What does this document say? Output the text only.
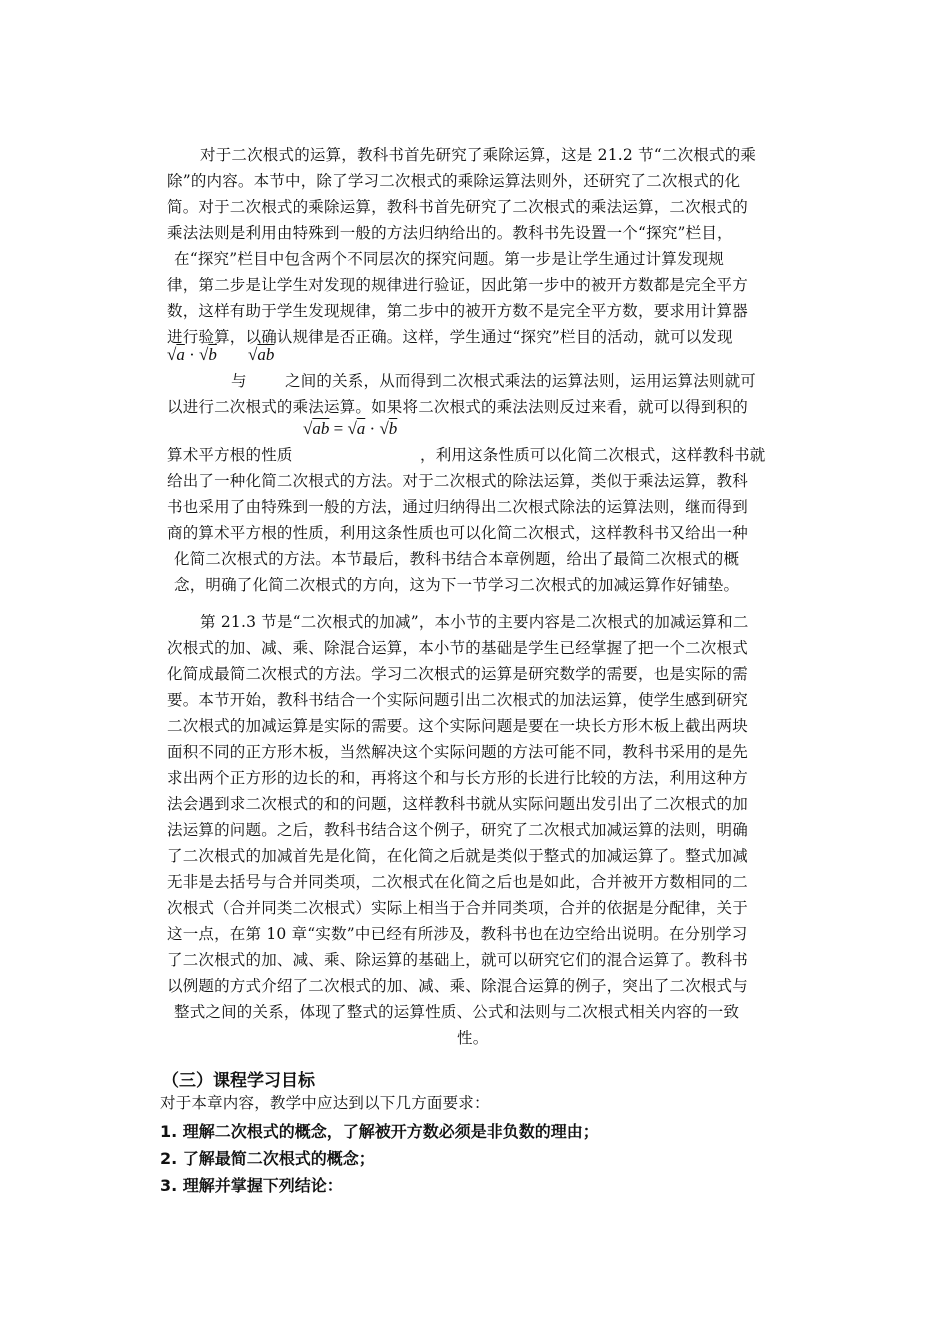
对于二次根式的运算，教科书首先研究了乘除运算，这是 21.2 节“二次根式的乘
除”的内容。本节中，除了学习二次根式的乘除运算法则外，还研究了二次根式的化
简。对于二次根式的乘除运算，教科书首先研究了二次根式的乘法运算，二次根式的
乘法法则是利用由特殊到一般的方法归纳给出的。教科书先设置一个“探究”栏目，
在“探究”栏目中包含两个不同层次的探究问题。第一步是让学生通过计算发现规
律，第二步是让学生对发现的规律进行验证，因此第一步中的被开方数都是完全平方
数，这样有助于学生发现规律，第二步中的被开方数不是完全平方数，要求用计算器
进行验算，以确认规律是否正确。这样，学生通过“探究”栏目的活动，就可以发现
√a · √b √ab
与 之间的关系，从而得到二次根式乘法的运算法则，运用运算法则就可
以进行二次根式的乘法运算。如果将二次根式的乘法法则反过来看，就可以得到积的
√ab = √a · √b
算术平方根的性质	，利用这条性质可以化简二次根式，这样教科书就
给出了一种化简二次根式的方法。对于二次根式的除法运算，类似于乘法运算，教科
书也采用了由特殊到一般的方法，通过归纳得出二次根式除法的运算法则，继而得到
商的算术平方根的性质，利用这条性质也可以化简二次根式，这样教科书又给出一种
化简二次根式的方法。本节最后，教科书结合本章例题，给出了最简二次根式的概
念，明确了化简二次根式的方向，这为下一节学习二次根式的加减运算作好铺垫。
第 21.3 节是“二次根式的加减”，本小节的主要内容是二次根式的加减运算和二
次根式的加、减、乘、除混合运算，本小节的基础是学生已经掌握了把一个二次根式
化简成最简二次根式的方法。学习二次根式的运算是研究数学的需要，也是实际的需
要。本节开始，教科书结合一个实际问题引出二次根式的加法运算，使学生感到研究
二次根式的加减运算是实际的需要。这个实际问题是要在一块长方形木板上截出两块
面积不同的正方形木板，当然解决这个实际问题的方法可能不同，教科书采用的是先
求出两个正方形的边长的和，再将这个和与长方形的长进行比较的方法，利用这种方
法会遇到求二次根式的和的问题，这样教科书就从实际问题出发引出了二次根式的加
法运算的问题。之后，教科书结合这个例子，研究了二次根式加减运算的法则，明确
了二次根式的加减首先是化简，在化简之后就是类似于整式的加减运算了。整式加减
无非是去括号与合并同类项，二次根式在化简之后也是如此，合并被开方数相同的二
次根式（合并同类二次根式）实际上相当于合并同类项，合并的依据是分配律，关于
这一点，在第 10 章“实数”中已经有所涉及，教科书也在边空给出说明。在分别学习
了二次根式的加、减、乘、除运算的基础上，就可以研究它们的混合运算了。教科书
以例题的方式介绍了二次根式的加、减、乘、除混合运算的例子，突出了二次根式与
整式之间的关系，体现了整式的运算性质、公式和法则与二次根式相关内容的一致
性。
（三）课程学习目标
对于本章内容，教学中应达到以下几方面要求：
1. 理解二次根式的概念，了解被开方数必须是非负数的理由；
2. 了解最简二次根式的概念；
3. 理解并掌握下列结论：
